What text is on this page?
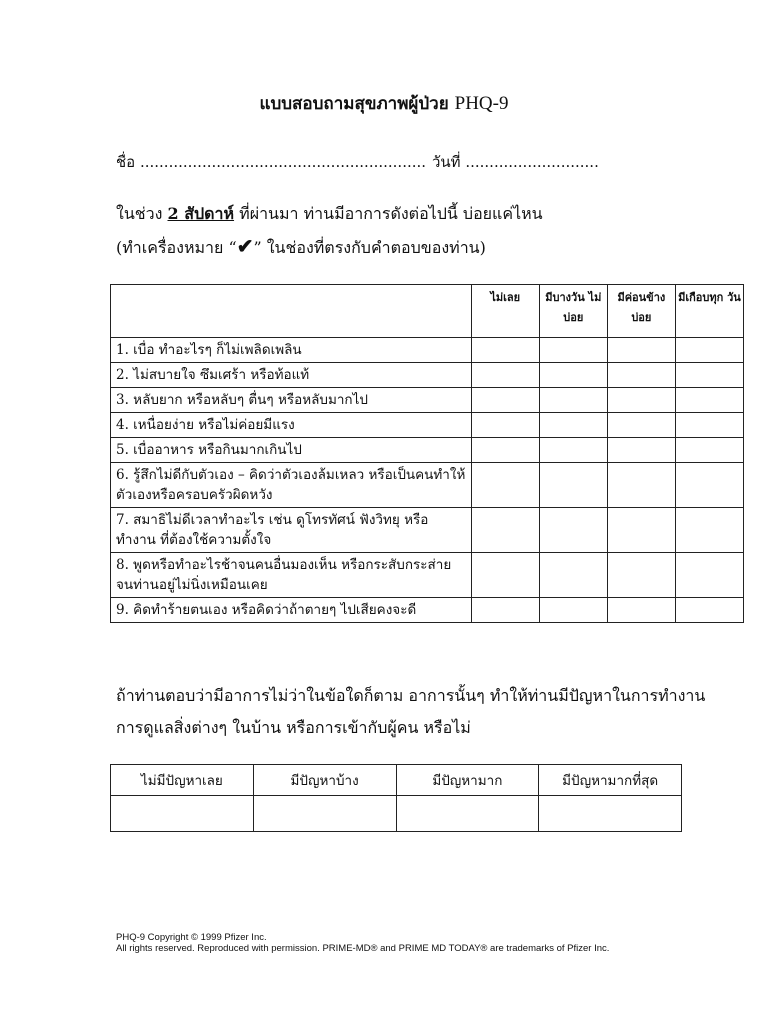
แบบสอบถามสุขภาพผู้ป่วย PHQ-9
ชื่อ ............................................................ วันที่ ............................
ในช่วง 2 สัปดาห์ ที่ผ่านมา ท่านมีอาการดังต่อไปนี้ บ่อยแค่ไหน
(ทำเครื่องหมาย “✔” ในช่องที่ตรงกับคำตอบของท่าน)
	ไม่เลย	มีบางวัน ไม่บ่อย	มีค่อนข้าง บ่อย	มีเกือบทุก วัน
1. เบื่อ ทำอะไรๆ ก็ไม่เพลิดเพลิน				
2. ไม่สบายใจ ซึมเศร้า หรือท้อแท้				
3. หลับยาก หรือหลับๆ ตื่นๆ หรือหลับมากไป				
4. เหนื่อยง่าย หรือไม่ค่อยมีแรง				
5. เบื่ออาหาร หรือกินมากเกินไป				
6. รู้สึกไม่ดีกับตัวเอง – คิดว่าตัวเองล้มเหลว หรือเป็นคนทำให้ ตัวเองหรือครอบครัวผิดหวัง				
7. สมาธิไม่ดีเวลาทำอะไร เช่น ดูโทรทัศน์ ฟังวิทยุ หรือทำงาน ที่ต้องใช้ความตั้งใจ				
8. พูดหรือทำอะไรช้าจนคนอื่นมองเห็น หรือกระสับกระส่าย จนท่านอยู่ไม่นิ่งเหมือนเคย				
9. คิดทำร้ายตนเอง หรือคิดว่าถ้าตายๆ ไปเสียคงจะดี				
ถ้าท่านตอบว่ามีอาการไม่ว่าในข้อใดก็ตาม อาการนั้นๆ ทำให้ท่านมีปัญหาในการทำงาน
การดูแลสิ่งต่างๆ ในบ้าน หรือการเข้ากับผู้คน หรือไม่
ไม่มีปัญหาเลย	มีปัญหาบ้าง	มีปัญหามาก	มีปัญหามากที่สุด

PHQ-9 Copyright © 1999 Pfizer Inc.
All rights reserved. Reproduced with permission. PRIME-MD® and PRIME MD TODAY® are trademarks of Pfizer Inc.
